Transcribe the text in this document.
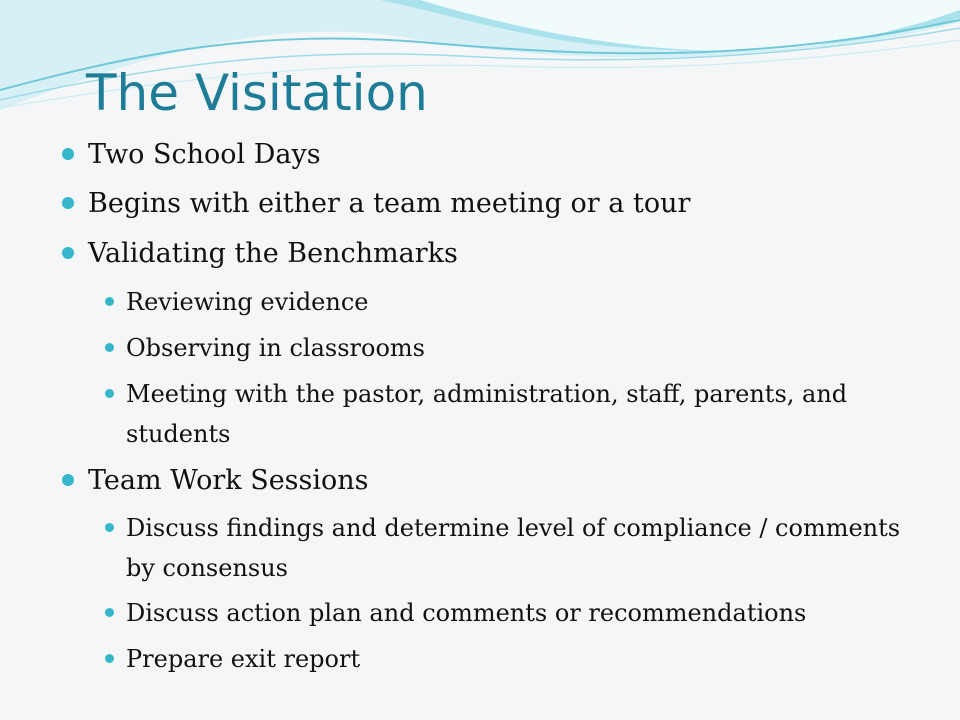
The Visitation
Two School Days
Begins with either a team meeting or a tour
Validating the Benchmarks
Reviewing evidence
Observing in classrooms
Meeting with the pastor, administration, staff, parents, and students
Team Work Sessions
Discuss findings and determine level of compliance / comments by consensus
Discuss action plan and comments or recommendations
Prepare exit report
